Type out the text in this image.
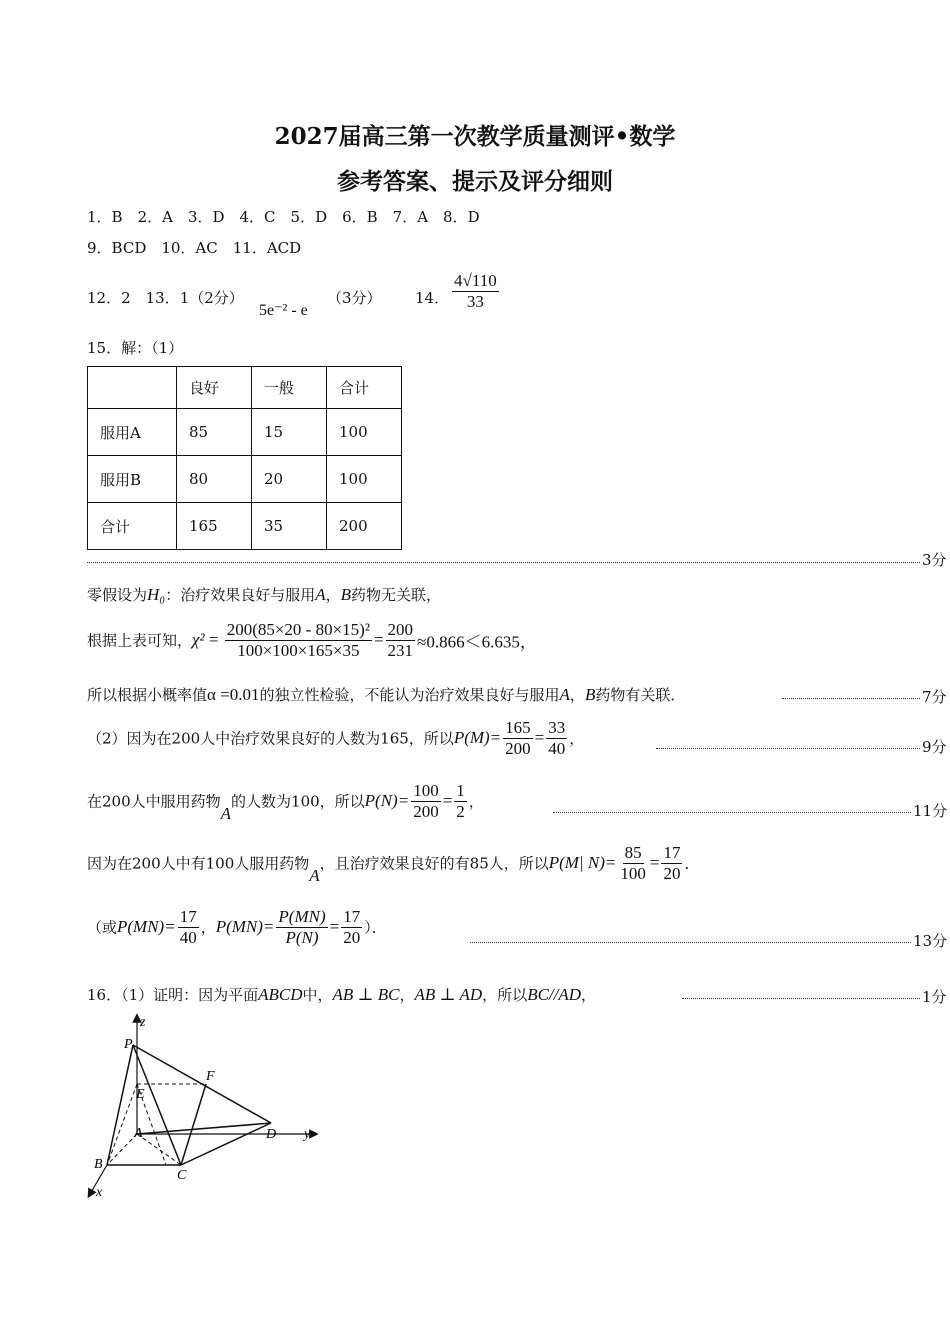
2027届高三第一次教学质量测评•数学
参考答案、提示及评分细则
1．B　2．A　3．D　4．C　5．D　6．B　7．A　8．D
9．BCD　10．AC　11．ACD
12．2　13．1（2分）
5e⁻² - e
（3分） 14． $\frac{4√110}{33}$
15．解：（1）
	良好	一般	合计
服用A	85	15	100
服用B	80	20	100
合计	165	35	200
3分
零假设为H₀：治疗效果良好与服用A，B药物无关联，
根据上表可知，$\chi^2 = \frac{\text{200(85×20 - 80×15)²}}{100\times 100\times 165\times 35} = \frac{200}{231} \approx 0.866<6.635$，
所以根据小概率值α =0.01的独立性检验，不能认为治疗效果良好与服用A，B药物有关联．	7分
（2）因为在200人中治疗效果良好的人数为165，所以$P(M)= \frac{165}{200} = \frac{33}{40}$ ，	9分
在200人中服用药物A的人数为100，所以$P(N)= \frac{100}{200} = \frac{1}{2}$ ，
11分
因为在200人中有100人服用药物A，且治疗效果良好的有85人，所以P(M| $N)= \frac{85}{100} = \frac{17}{20}$ ．
（或$P(MN)= \frac{17}{40}$ ，$P(MN)= \frac{P(MN)}{P(N)} = \frac{17}{20}$ ）．
13分
16．（1）证明：因为平面ABCD中，AB ⊥ BC，AB ⊥ AD，所以BC//AD，	1分
z
P
F
E
A	D y
B
C
x
